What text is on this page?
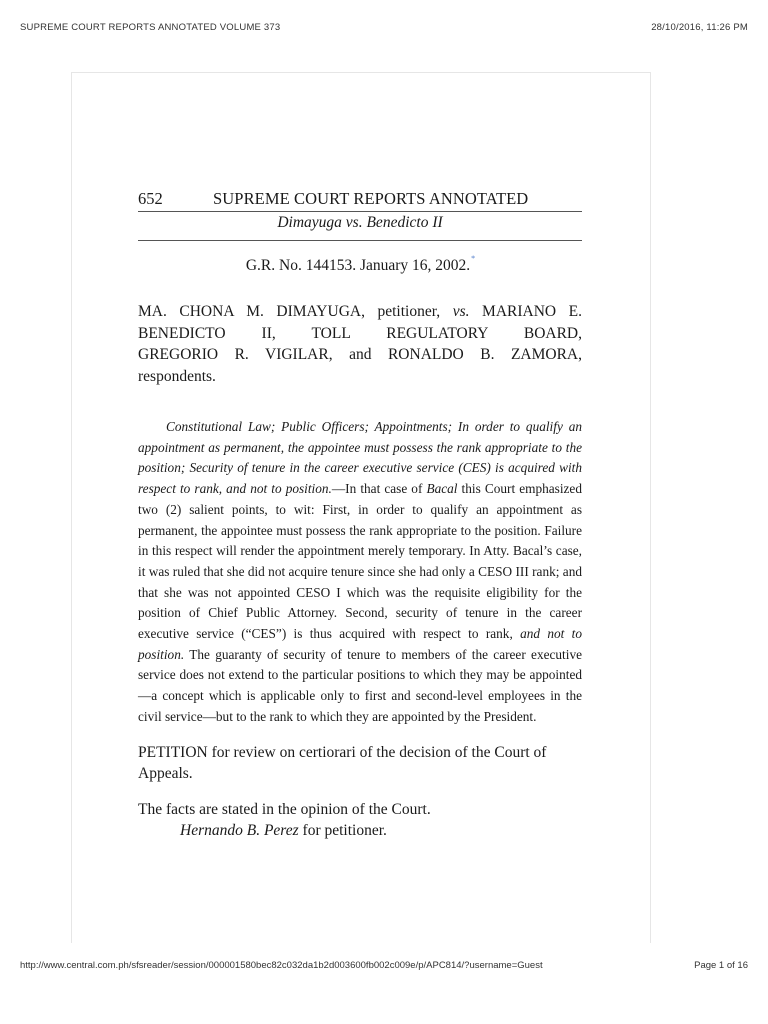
SUPREME COURT REPORTS ANNOTATED VOLUME 373	28/10/2016, 11:26 PM
652	SUPREME COURT REPORTS ANNOTATED
Dimayuga vs. Benedicto II
G.R. No. 144153. January 16, 2002.*
MA. CHONA M. DIMAYUGA, petitioner, vs. MARIANO E.
BENEDICTO II, TOLL REGULATORY BOARD,
GREGORIO R. VIGILAR, and RONALDO B. ZAMORA,
respondents.
Constitutional Law; Public Officers; Appointments; In order to qualify an appointment as permanent, the appointee must possess the rank appropriate to the position; Security of tenure in the career executive service (CES) is acquired with respect to rank, and not to position.—In that case of Bacal this Court emphasized two (2) salient points, to wit: First, in order to qualify an appointment as permanent, the appointee must possess the rank appropriate to the position. Failure in this respect will render the appointment merely temporary. In Atty. Bacal’s case, it was ruled that she did not acquire tenure since she had only a CESO III rank; and that she was not appointed CESO I which was the requisite eligibility for the position of Chief Public Attorney. Second, security of tenure in the career executive service (“CES”) is thus acquired with respect to rank, and not to position. The guaranty of security of tenure to members of the career executive service does not extend to the particular positions to which they may be appointed—a concept which is applicable only to first and second-level employees in the civil service—but to the rank to which they are appointed by the President.
PETITION for review on certiorari of the decision of the Court of Appeals.
The facts are stated in the opinion of the Court.
Hernando B. Perez for petitioner.
http://www.central.com.ph/sfsreader/session/000001580bec82c032da1b2d003600fb002c009e/p/APC814/?username=Guest	Page 1 of 16
